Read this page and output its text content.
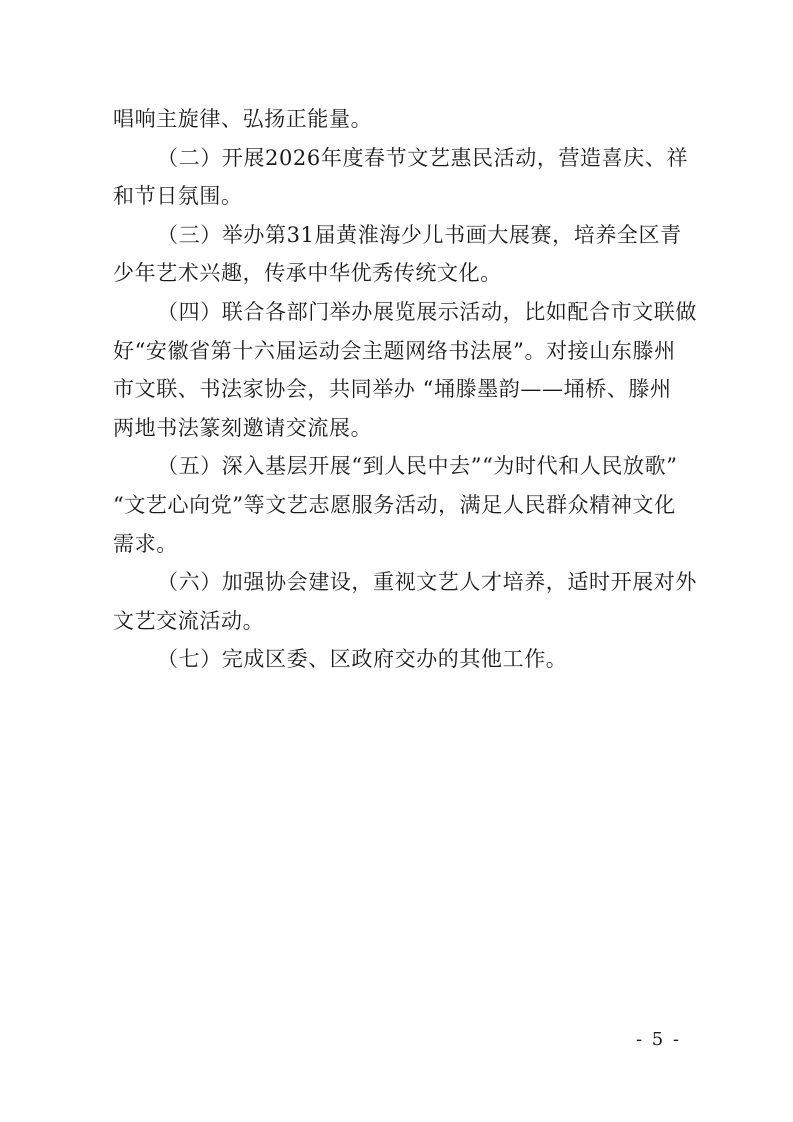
唱响主旋律、弘扬正能量。

（二）开展2026年度春节文艺惠民活动，营造喜庆、祥
和节日氛围。

（三）举办第31届黄淮海少儿书画大展赛，培养全区青
少年艺术兴趣，传承中华优秀传统文化。

（四）联合各部门举办展览展示活动，比如配合市文联做
好“安徽省第十六届运动会主题网络书法展”。对接山东滕州
市文联、书法家协会，共同举办 “埇滕墨韵——埇桥、滕州
两地书法篆刻邀请交流展。

（五）深入基层开展“到人民中去”“为时代和人民放歌”
“文艺心向党”等文艺志愿服务活动，满足人民群众精神文化
需求。

（六）加强协会建设，重视文艺人才培养，适时开展对外
文艺交流活动。

（七）完成区委、区政府交办的其他工作。

- 5 -
